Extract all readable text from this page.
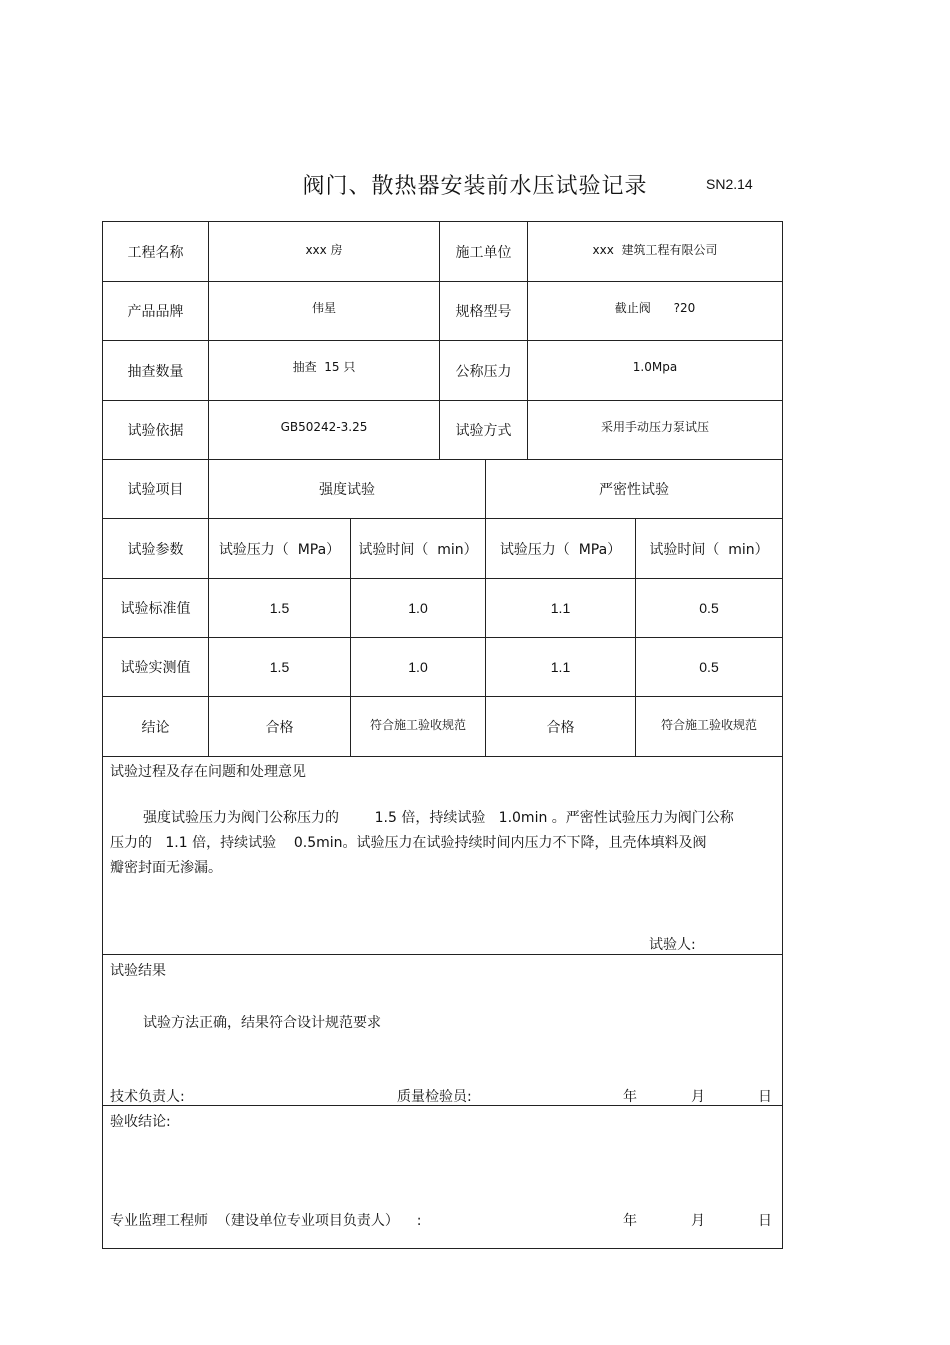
阀门、散热器安装前水压试验记录	SN2.14
工程名称	xxx 房	施工单位	xxx  建筑工程有限公司
产品品牌	伟星	规格型号	截止阀      ?20
抽查数量	抽查  15 只	公称压力	1.0Mpa
试验依据	GB50242-3.25	试验方式	采用手动压力泵试压
试验项目	强度试验	严密性试验
试验参数	试验压力（  MPa）	试验时间（  min）	试验压力（  MPa）	试验时间（  min）
试验标准值	1.5	1.0	1.1	0.5
试验实测值	1.5	1.0	1.1	0.5
结论	合格	符合施工验收规范	合格	符合施工验收规范
试验过程及存在问题和处理意见
强度试验压力为阀门公称压力的        1.5 倍，持续试验   1.0min 。严密性试验压力为阀门公称
压力的   1.1 倍，持续试验    0.5min。试验压力在试验持续时间内压力不下降，且壳体填料及阀
瓣密封面无渗漏。
试验人:
试验结果
试验方法正确，结果符合设计规范要求
技术负责人:	质量检验员:	年	月	日
验收结论:
专业监理工程师  （建设单位专业项目负责人）    :	年	月	日
